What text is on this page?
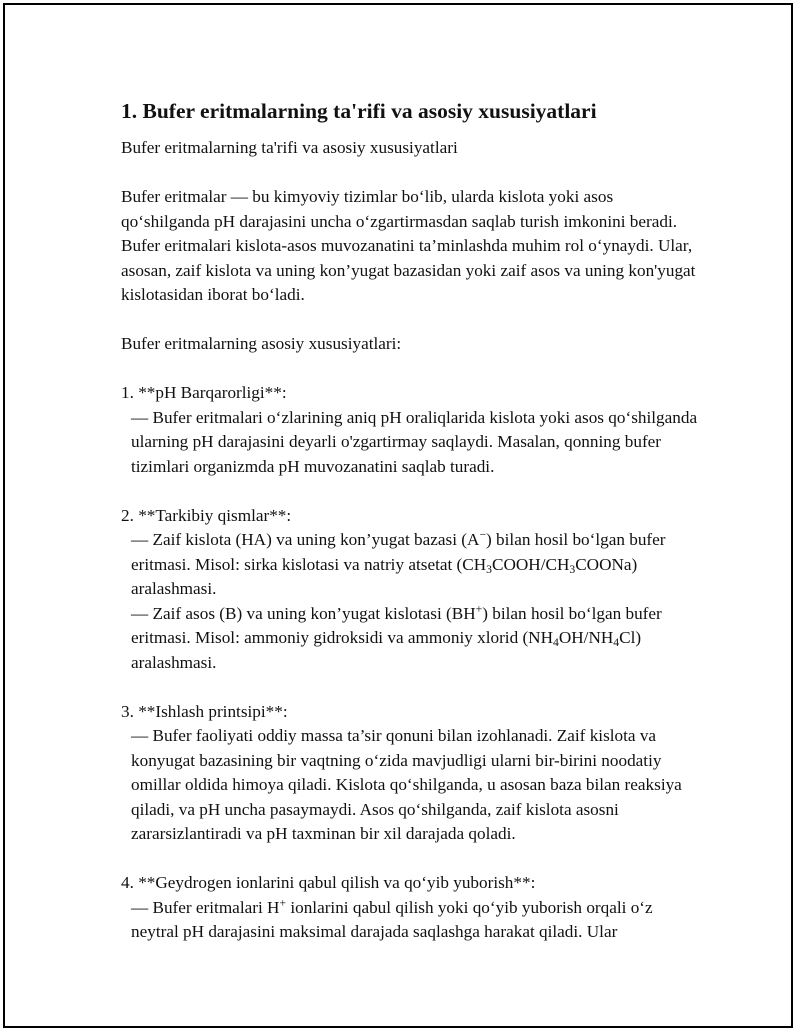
1. Bufer eritmalarning ta'rifi va asosiy xususiyatlari

Bufer eritmalarning ta'rifi va asosiy xususiyatlari

Bufer eritmalar — bu kimyoviy tizimlar bo‘lib, ularda kislota yoki asos qo‘shilganda pH darajasini uncha o‘zgartirmasdan saqlab turish imkonini beradi. Bufer eritmalari kislota-asos muvozanatini ta’minlashda muhim rol o‘ynaydi. Ular, asosan, zaif kislota va uning kon’yugat bazasidan yoki zaif asos va uning kon'yugat kislotasidan iborat bo‘ladi.

Bufer eritmalarning asosiy xususiyatlari:

1. **pH Barqarorligi**:

— Bufer eritmalari o‘zlarining aniq pH oraliqlarida kislota yoki asos qo‘shilganda ularning pH darajasini deyarli o'zgartirmay saqlaydi. Masalan, qonning bufer tizimlari organizmda pH muvozanatini saqlab turadi.

2. **Tarkibiy qismlar**:

— Zaif kislota (HA) va uning kon’yugat bazasi (A−) bilan hosil bo‘lgan bufer eritmasi. Misol: sirka kislotasi va natriy atsetat $(CH_3COOH/CH_3COONa)$ aralashmasi.

— Zaif asos (B) va uning kon’yugat kislotasi (BH+) bilan hosil bo‘lgan bufer eritmasi. Misol: ammoniy gidroksidi va ammoniy xlorid $(NH_4OH/NH_4Cl)$ aralashmasi.

3. **Ishlash printsipi**:

— Bufer faoliyati oddiy massa ta’sir qonuni bilan izohlanadi. Zaif kislota va konyugat bazasining bir vaqtning o‘zida mavjudligi ularni bir-birini noodatiy omillar oldida himoya qiladi. Kislota qo‘shilganda, u asosan baza bilan reaksiya qiladi, va pH uncha pasaymaydi. Asos qo‘shilganda, zaif kislota asosni zararsizlantiradi va pH taxminan bir xil darajada qoladi.

4. **Geydrogen ionlarini qabul qilish va qo‘yib yuborish**:

— Bufer eritmalari H+ ionlarini qabul qilish yoki qo‘yib yuborish orqali o‘z neytral pH darajasini maksimal darajada saqlashga harakat qiladi. Ular
